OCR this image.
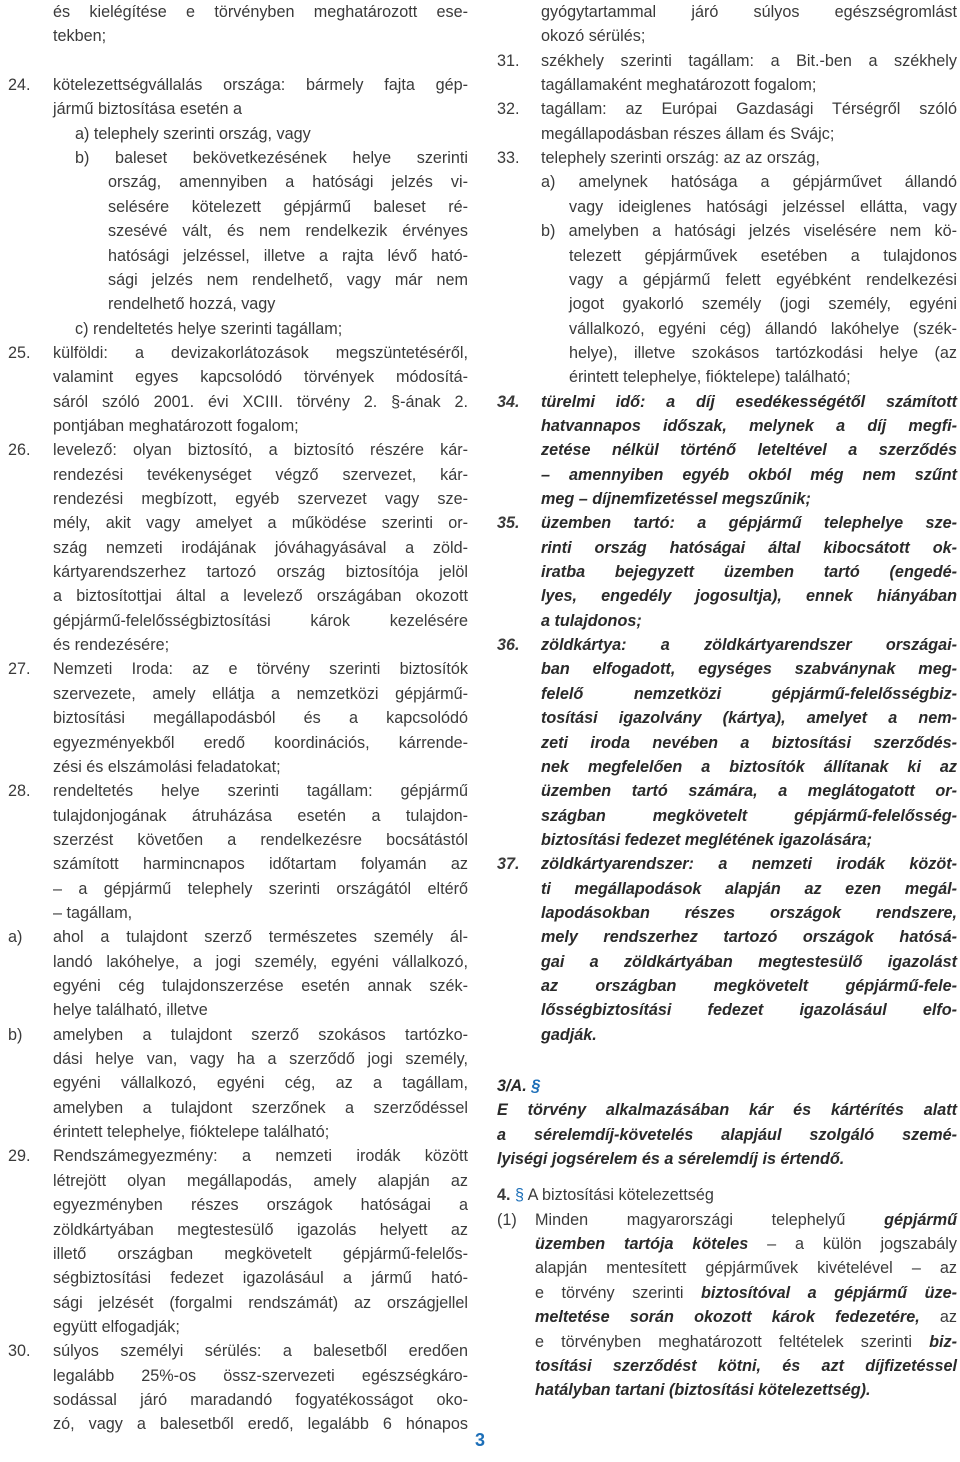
és kielégítése e törvényben meghatározott ese-
tekben;
24. kötelezettségvállalás országa: bármely fajta gép-
jármű biztosítása esetén a
a) telephely szerinti ország, vagy
b) baleset bekövetkezésének helye szerinti
ország, amennyiben a hatósági jelzés vi-
selésére kötelezett gépjármű baleset ré-
szesévé vált, és nem rendelkezik érvényes
hatósági jelzéssel, illetve a rajta lévő ható-
sági jelzés nem rendelhető, vagy már nem
rendelhető hozzá, vagy
c) rendeltetés helye szerinti tagállam;
25. külföldi: a devizakorlátozások megszüntetéséről,
valamint egyes kapcsolódó törvények módosítá-
sáról szóló 2001. évi XCIII. törvény 2. §-ának 2.
pontjában meghatározott fogalom;
26. levelező: olyan biztosító, a biztosító részére kár-
rendezési tevékenységet végző szervezet, kár-
rendezési megbízott, egyéb szervezet vagy sze-
mély, akit vagy amelyet a működése szerinti or-
szág nemzeti irodájának jóváhagyásával a zöld-
kártyarendszerhez tartozó ország biztosítója jelöl
a biztosítottjai által a levelező országában okozott
gépjármű-felelősségbiztosítási károk kezelésére
és rendezésére;
27. Nemzeti Iroda: az e törvény szerinti biztosítók
szervezete, amely ellátja a nemzetközi gépjármű-
biztosítási megállapodásból és a kapcsolódó
egyezményekből eredő koordinációs, kárrende-
zési és elszámolási feladatokat;
28. rendeltetés helye szerinti tagállam: gépjármű
tulajdonjogának átruházása esetén a tulajdon-
szerzést követően a rendelkezésre bocsátástól
számított harmincnapos időtartam folyamán az
– a gépjármű telephely szerinti országától eltérő
– tagállam,
a) ahol a tulajdont szerző természetes személy ál-
landó lakóhelye, a jogi személy, egyéni vállalkozó,
egyéni cég tulajdonszerzése esetén annak szék-
helye található, illetve
b) amelyben a tulajdont szerző szokásos tartózko-
dási helye van, vagy ha a szerződő jogi személy,
egyéni vállalkozó, egyéni cég, az a tagállam,
amelyben a tulajdont szerzőnek a szerződéssel
érintett telephelye, fióktelepe található;
29. Rendszámegyezmény: a nemzeti irodák között
létrejött olyan megállapodás, amely alapján az
egyezményben részes országok hatóságai a
zöldkártyában megtestesülő igazolás helyett az
illető országban megkövetelt gépjármű-felelős-
ségbiztosítási fedezet igazolásául a jármű ható-
sági jelzését (forgalmi rendszámát) az országjellel
együtt elfogadják;
30. súlyos személyi sérülés: a balesetből eredően
legalább 25%-os össz-szervezeti egészségkáro-
sodással járó maradandó fogyatékosságot oko-
zó, vagy a balesetből eredő, legalább 6 hónapos
gyógytartammal járó súlyos egészségromlást
okozó sérülés;
31. székhely szerinti tagállam: a Bit.-ben a székhely
tagállamaként meghatározott fogalom;
32. tagállam: az Európai Gazdasági Térségről szóló
megállapodásban részes állam és Svájc;
33. telephely szerinti ország: az az ország,
a) amelynek hatósága a gépjárművet állandó
vagy ideiglenes hatósági jelzéssel ellátta, vagy
b) amelyben a hatósági jelzés viselésére nem kö-
telezett gépjárművek esetében a tulajdonos
vagy a gépjármű felett egyébként rendelkezési
jogot gyakorló személy (jogi személy, egyéni
vállalkozó, egyéni cég) állandó lakóhelye (szék-
helye), illetve szokásos tartózkodási helye (az
érintett telephelye, fióktelepe) található;
34. türelmi idő: a díj esedékességétől számított
hatvannapos időszak, melynek a díj megfi-
zetése nélkül történő leteltével a szerződés
– amennyiben egyéb okból még nem szűnt
meg – díjnemfizetéssel megszűnik;
35. üzemben tartó: a gépjármű telephelye sze-
rinti ország hatóságai által kibocsátott ok-
iratba bejegyzett üzemben tartó (engedé-
lyes, engedély jogosultja), ennek hiányában
a tulajdonos;
36. zöldkártya: a zöldkártyarendszer országai-
ban elfogadott, egységes szabványnak meg-
felelő nemzetközi gépjármű-felelősségbiz-
tosítási igazolvány (kártya), amelyet a nem-
zeti iroda nevében a biztosítási szerződés-
nek megfelelően a biztosítók állítanak ki az
üzemben tartó számára, a meglátogatott or-
szágban megkövetelt gépjármű-felelősség-
biztosítási fedezet meglétének igazolására;
37. zöldkártyarendszer: a nemzeti irodák közöt-
ti megállapodások alapján az ezen megál-
lapodásokban részes országok rendszere,
mely rendszerhez tartozó országok hatósá-
gai a zöldkártyában megtestesülő igazolást
az országban megkövetelt gépjármű-fele-
lősségbiztosítási fedezet igazolásául elfo-
gadják.
3/A. §
E törvény alkalmazásában kár és kártérítés alatt
a sérelemdíj-követelés alapjául szolgáló szemé-
lyiségi jogsérelem és a sérelemdíj is értendő.
4. § A biztosítási kötelezettség
(1) Minden magyarországi telephelyű gépjármű
üzemben tartója köteles – a külön jogszabály
alapján mentesített gépjárművek kivételével – az
e törvény szerinti biztosítóval a gépjármű üze-
meltetése során okozott károk fedezetére, az
e törvényben meghatározott feltételek szerinti biz-
tosítási szerződést kötni, és azt díjfizetéssel
hatályban tartani (biztosítási kötelezettség).
3
